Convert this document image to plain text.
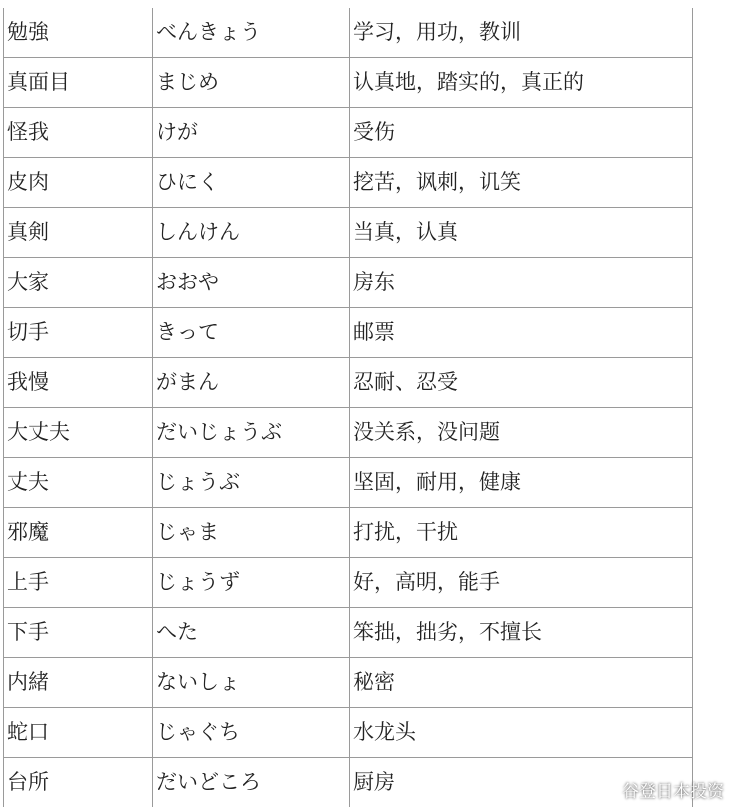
勉強	べんきょう	学习，用功，教训
真面目	まじめ	认真地，踏实的，真正的
怪我	けが	受伤
皮肉	ひにく	挖苦，讽刺，讥笑
真剣	しんけん	当真，认真
大家	おおや	房东
切手	きって	邮票
我慢	がまん	忍耐、忍受
大丈夫	だいじょうぶ	没关系，没问题
丈夫	じょうぶ	坚固，耐用，健康
邪魔	じゃま	打扰，干扰
上手	じょうず	好，高明，能手
下手	へた	笨拙，拙劣，不擅长
内緒	ないしょ	秘密
蛇口	じゃぐち	水龙头
台所	だいどころ	厨房	谷登日本投资
